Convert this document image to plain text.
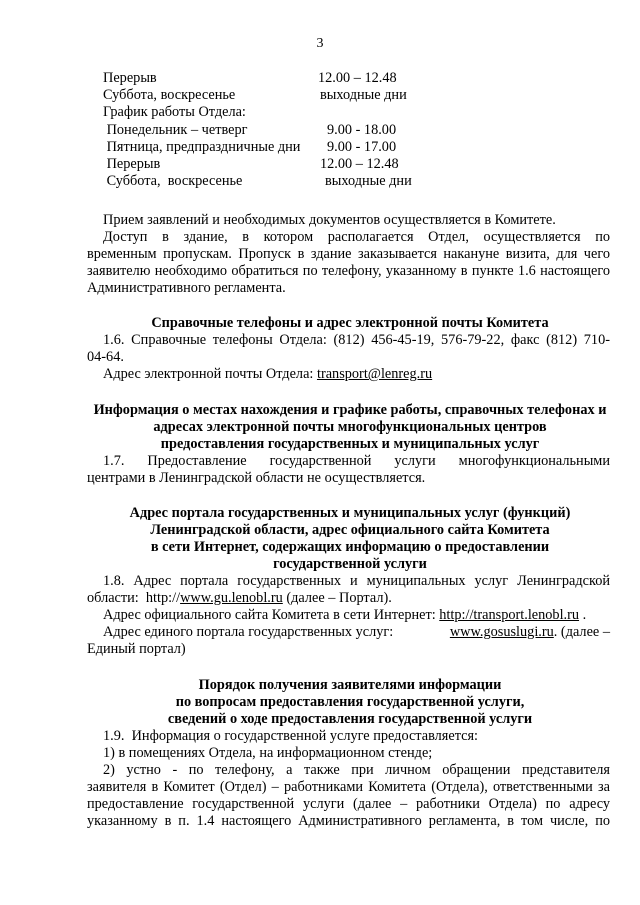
3
Перерыв	12.00 – 12.48
Суббота, воскресенье	выходные дни
График работы Отдела:
Понедельник – четверг	9.00 - 18.00
Пятница, предпраздничные дни 9.00 - 17.00
Перерыв	12.00 – 12.48
Суббота,  воскресенье	выходные дни
Прием заявлений и необходимых документов осуществляется в Комитете.
Доступ в здание, в котором располагается Отдел, осуществляется по
временным пропускам. Пропуск в здание заказывается накануне визита, для чего
заявителю необходимо обратиться по телефону, указанному в пункте 1.6 настоящего
Административного регламента.
Справочные телефоны и адрес электронной почты Комитета
1.6. Справочные телефоны Отдела: (812) 456-45-19, 576-79-22, факс (812) 710-
04-64.
Адрес электронной почты Отдела: transport@lenreg.ru
Информация о местах нахождения и графике работы, справочных телефонах и
адресах электронной почты многофункциональных центров
предоставления государственных и муниципальных услуг
1.7.   Предоставление   государственной   услуги   многофункциональными
центрами в Ленинградской области не осуществляется.
Адрес портала государственных и муниципальных услуг (функций)
Ленинградской области, адрес официального сайта Комитета
в сети Интернет, содержащих информацию о предоставлении
государственной услуги
1.8. Адрес портала государственных и муниципальных услуг Ленинградской
области:  http://www.gu.lenobl.ru (далее – Портал).
Адрес официального сайта Комитета в сети Интернет: http://transport.lenobl.ru .
Адрес единого портала государственных услуг:	www.gosuslugi.ru. (далее –
Единый портал)
Порядок получения заявителями информации
по вопросам предоставления государственной услуги,
сведений о ходе предоставления государственной услуги
1.9.  Информация о государственной услуге предоставляется:
1) в помещениях Отдела, на информационном стенде;
2) устно - по телефону, а также при личном обращении представителя
заявителя в Комитет (Отдел) – работниками Комитета (Отдела), ответственными за
предоставление государственной услуги (далее – работники Отдела) по адресу
указанному в п. 1.4 настоящего Административного регламента, в том числе, по
